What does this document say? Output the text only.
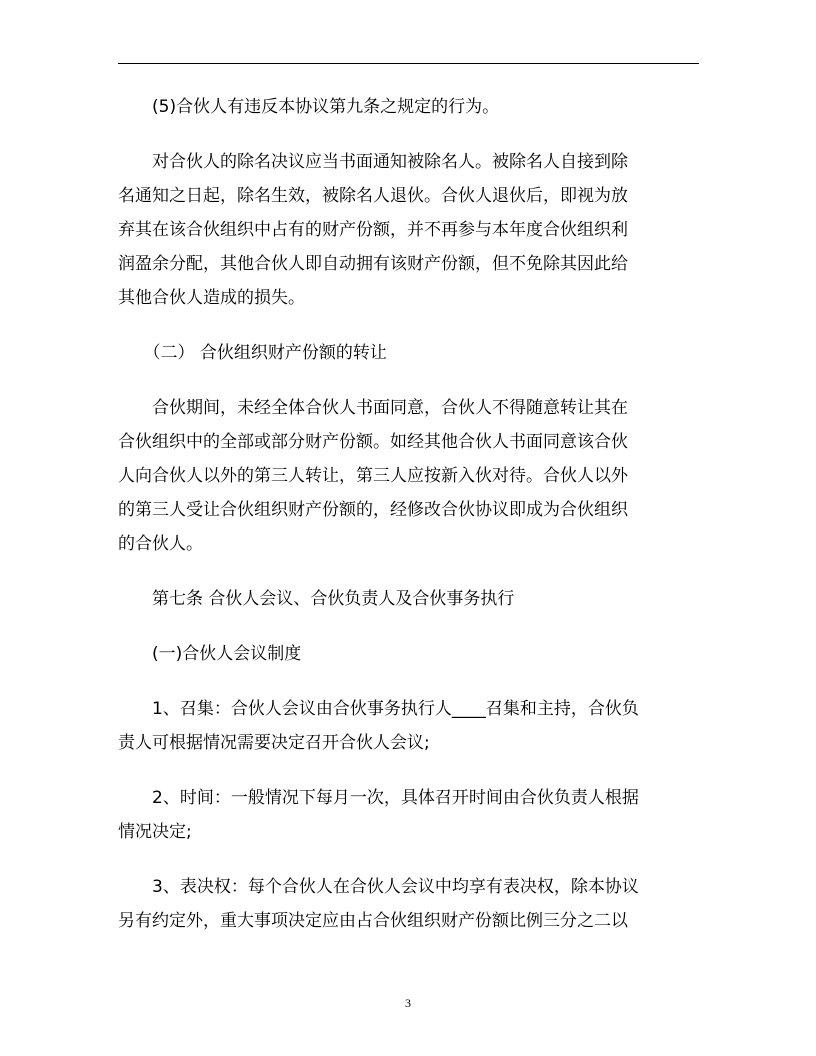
　　(5)合伙人有违反本协议第九条之规定的行为。
　　对合伙人的除名决议应当书面通知被除名人。被除名人自接到除
名通知之日起，除名生效，被除名人退伙。合伙人退伙后，即视为放
弃其在该合伙组织中占有的财产份额，并不再参与本年度合伙组织利
润盈余分配，其他合伙人即自动拥有该财产份额，但不免除其因此给
其他合伙人造成的损失。
　　（二） 合伙组织财产份额的转让
　　合伙期间，未经全体合伙人书面同意，合伙人不得随意转让其在
合伙组织中的全部或部分财产份额。如经其他合伙人书面同意该合伙
人向合伙人以外的第三人转让，第三人应按新入伙对待。合伙人以外
的第三人受让合伙组织财产份额的，经修改合伙协议即成为合伙组织
的合伙人。
　　第七条 合伙人会议、合伙负责人及合伙事务执行
　　(一)合伙人会议制度
　　1、召集：合伙人会议由合伙事务执行人____召集和主持，合伙负
责人可根据情况需要决定召开合伙人会议;
　　2、时间：一般情况下每月一次，具体召开时间由合伙负责人根据
情况决定;
　　3、表决权：每个合伙人在合伙人会议中均享有表决权，除本协议
另有约定外，重大事项决定应由占合伙组织财产份额比例三分之二以
3
